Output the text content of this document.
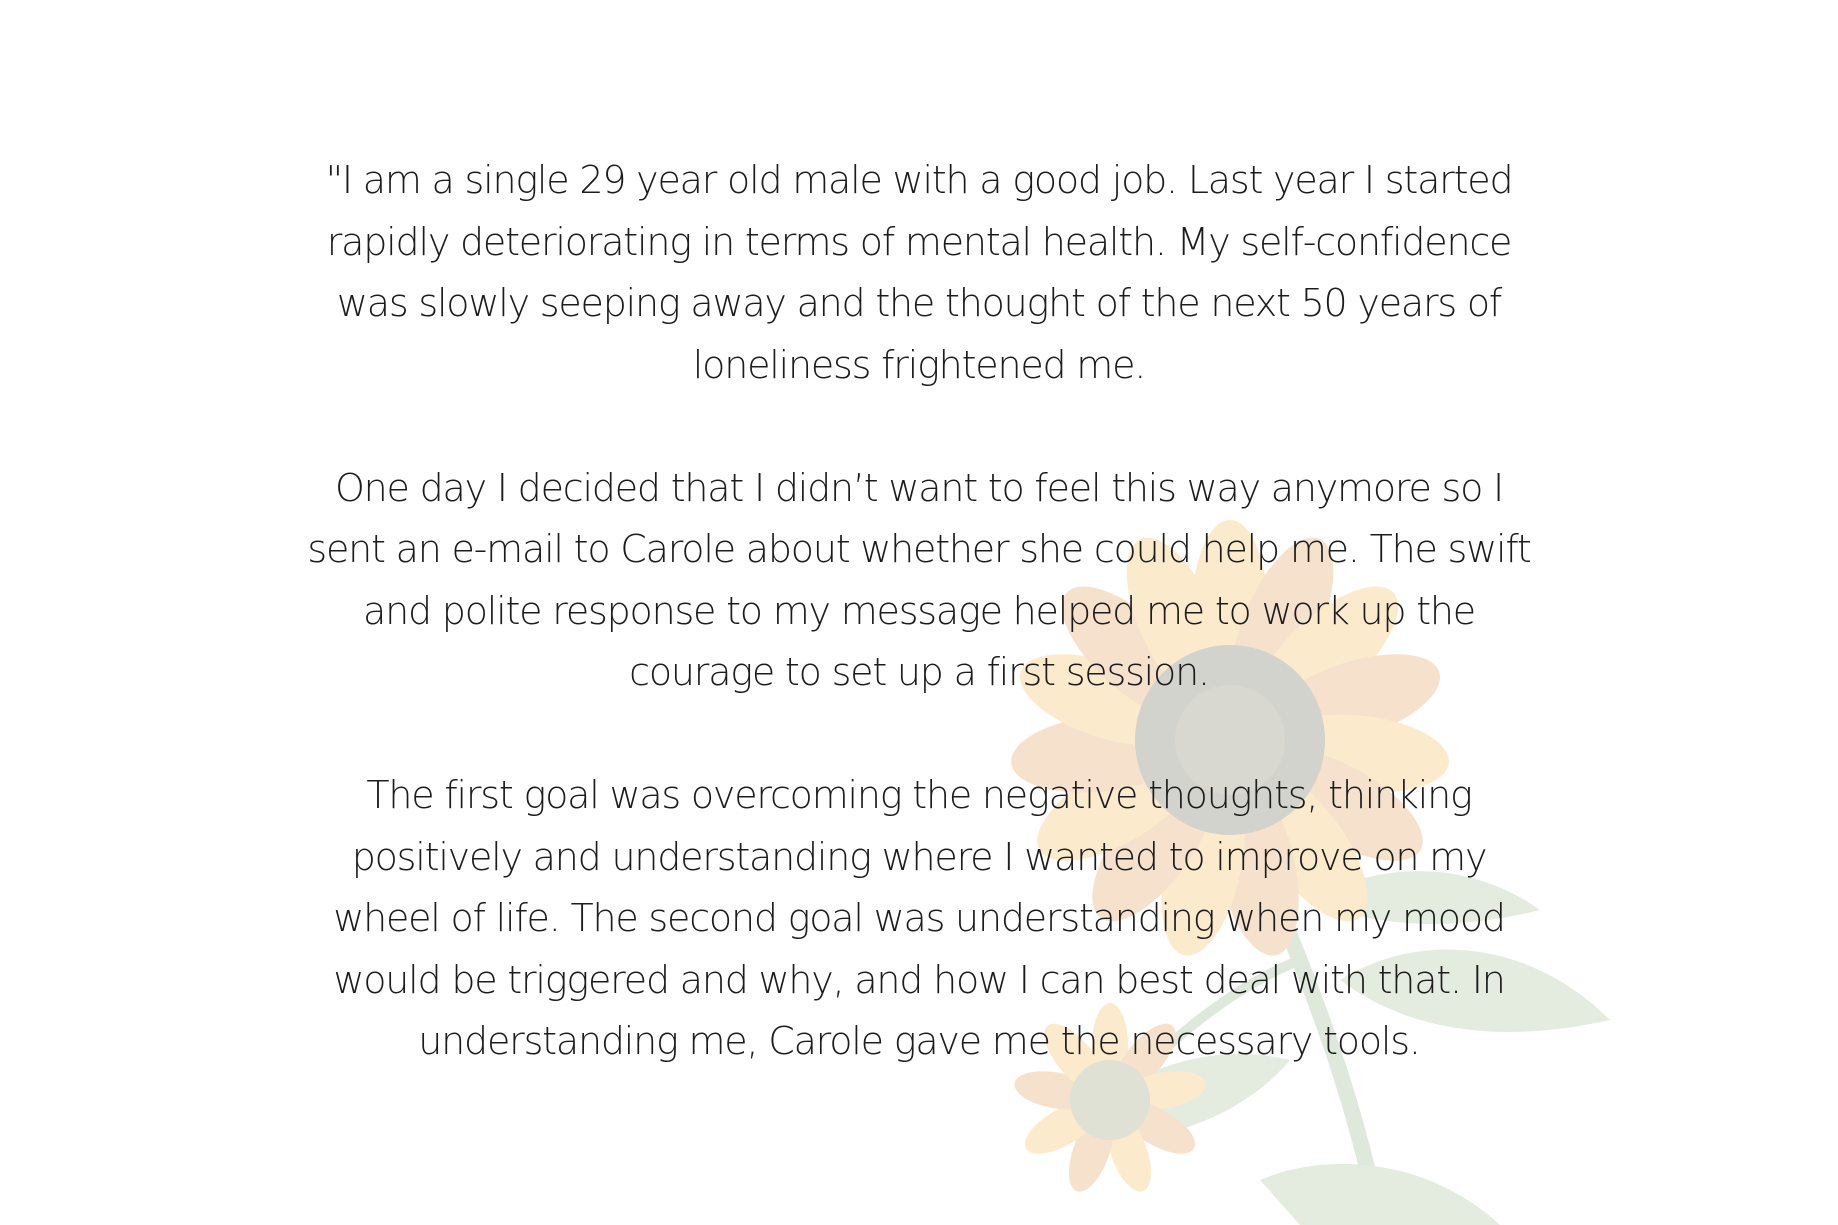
"I am a single 29 year old male with a good job. Last year I started rapidly deteriorating in terms of mental health. My self-confidence was slowly seeping away and the thought of the next 50 years of loneliness frightened me.

One day I decided that I didn’t want to feel this way anymore so I sent an e-mail to Carole about whether she could help me. The swift and polite response to my message helped me to work up the courage to set up a first session.

The first goal was overcoming the negative thoughts, thinking positively and understanding where I wanted to improve on my wheel of life. The second goal was understanding when my mood would be triggered and why, and how I can best deal with that. In understanding me, Carole gave me the necessary tools.
